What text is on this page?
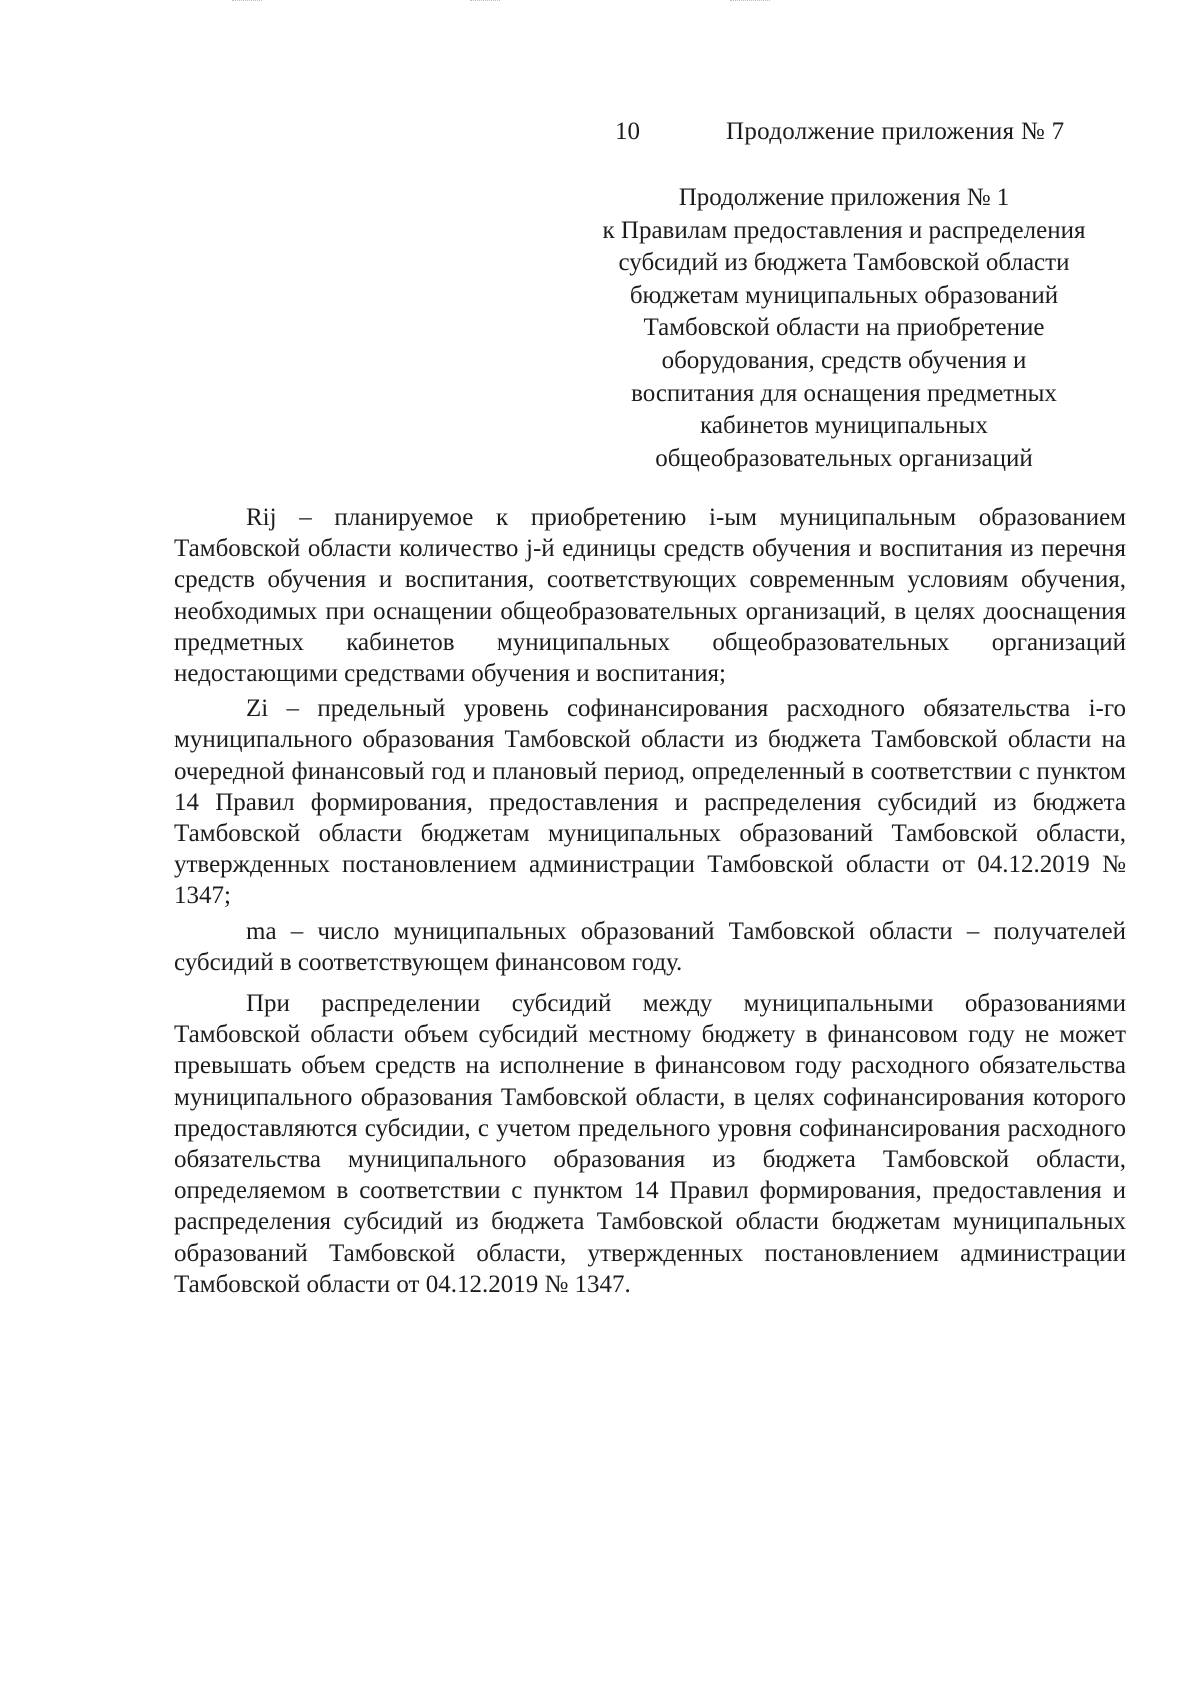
10	Продолжение приложения № 7
Продолжение приложения № 1
к Правилам предоставления и распределения
субсидий из бюджета Тамбовской области
бюджетам муниципальных образований
Тамбовской области на приобретение
оборудования, средств обучения и
воспитания для оснащения предметных
кабинетов муниципальных
общеобразовательных организаций

Rij – планируемое к приобретению i-ым муниципальным образованием Тамбовской области количество j-й единицы средств обучения и воспитания из перечня средств обучения и воспитания, соответствующих современным условиям обучения, необходимых при оснащении общеобразовательных организаций, в целях дооснащения предметных кабинетов муниципальных общеобразовательных организаций недостающими средствами обучения и воспитания;

Zi – предельный уровень софинансирования расходного обязательства i-го муниципального образования Тамбовской области из бюджета Тамбовской области на очередной финансовый год и плановый период, определенный в соответствии с пунктом 14 Правил формирования, предоставления и распределения субсидий из бюджета Тамбовской области бюджетам муниципальных образований Тамбовской области, утвержденных постановлением администрации Тамбовской области от 04.12.2019 № 1347;

ma – число муниципальных образований Тамбовской области – получателей субсидий в соответствующем финансовом году.

При распределении субсидий между муниципальными образованиями Тамбовской области объем субсидий местному бюджету в финансовом году не может превышать объем средств на исполнение в финансовом году расходного обязательства муниципального образования Тамбовской области, в целях софинансирования которого предоставляются субсидии, с учетом предельного уровня софинансирования расходного обязательства муниципального образования из бюджета Тамбовской области, определяемом в соответствии с пунктом 14 Правил формирования, предоставления и распределения субсидий из бюджета Тамбовской области бюджетам муниципальных образований Тамбовской области, утвержденных постановлением администрации Тамбовской области от 04.12.2019 № 1347.
